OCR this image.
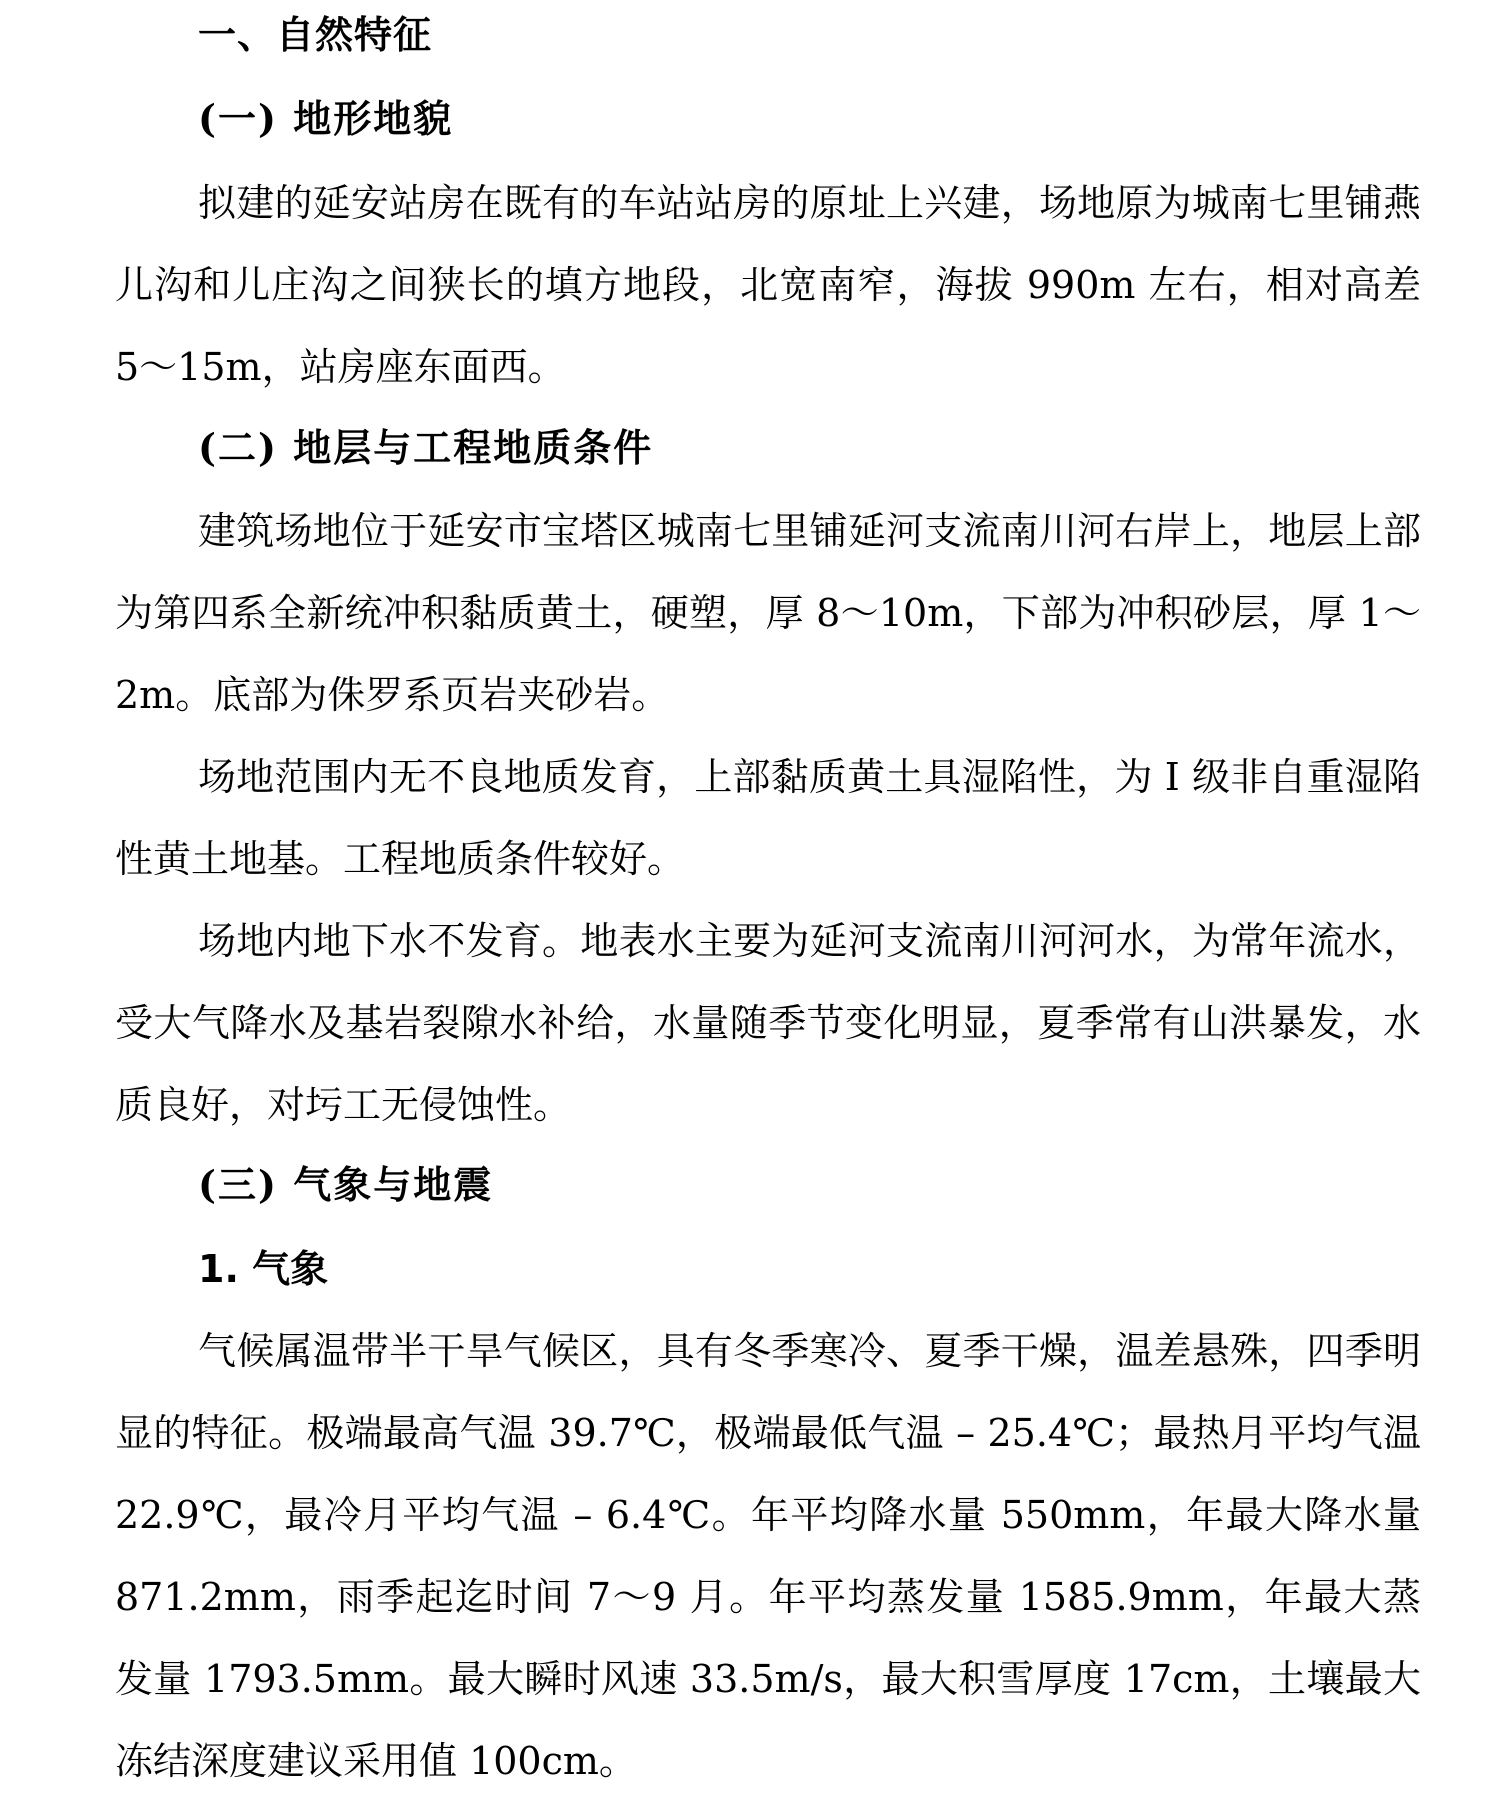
一、自然特征
(一) 地形地貌

拟建的延安站房在既有的车站站房的原址上兴建，场地原为城南七里铺燕儿沟和儿庄沟之间狭长的填方地段，北宽南窄，海拔 990m 左右，相对高差 5～15m，站房座东面西。

(二) 地层与工程地质条件

建筑场地位于延安市宝塔区城南七里铺延河支流南川河右岸上，地层上部为第四系全新统冲积黏质黄土，硬塑，厚 8～10m，下部为冲积砂层，厚 1～2m。底部为侏罗系页岩夹砂岩。

场地范围内无不良地质发育，上部黏质黄土具湿陷性，为 I 级非自重湿陷性黄土地基。工程地质条件较好。

场地内地下水不发育。地表水主要为延河支流南川河河水，为常年流水，受大气降水及基岩裂隙水补给，水量随季节变化明显，夏季常有山洪暴发，水质良好，对圬工无侵蚀性。

(三) 气象与地震
1. 气象

气候属温带半干旱气候区，具有冬季寒冷、夏季干燥，温差悬殊，四季明显的特征。极端最高气温 39.7℃，极端最低气温 – 25.4℃；最热月平均气温 22.9℃，最冷月平均气温 – 6.4℃。年平均降水量 550mm，年最大降水量 871.2mm，雨季起迄时间 7～9 月。年平均蒸发量 1585.9mm，年最大蒸发量 1793.5mm。最大瞬时风速 33.5m/s，最大积雪厚度 17cm，土壤最大冻结深度建议采用值 100cm。
